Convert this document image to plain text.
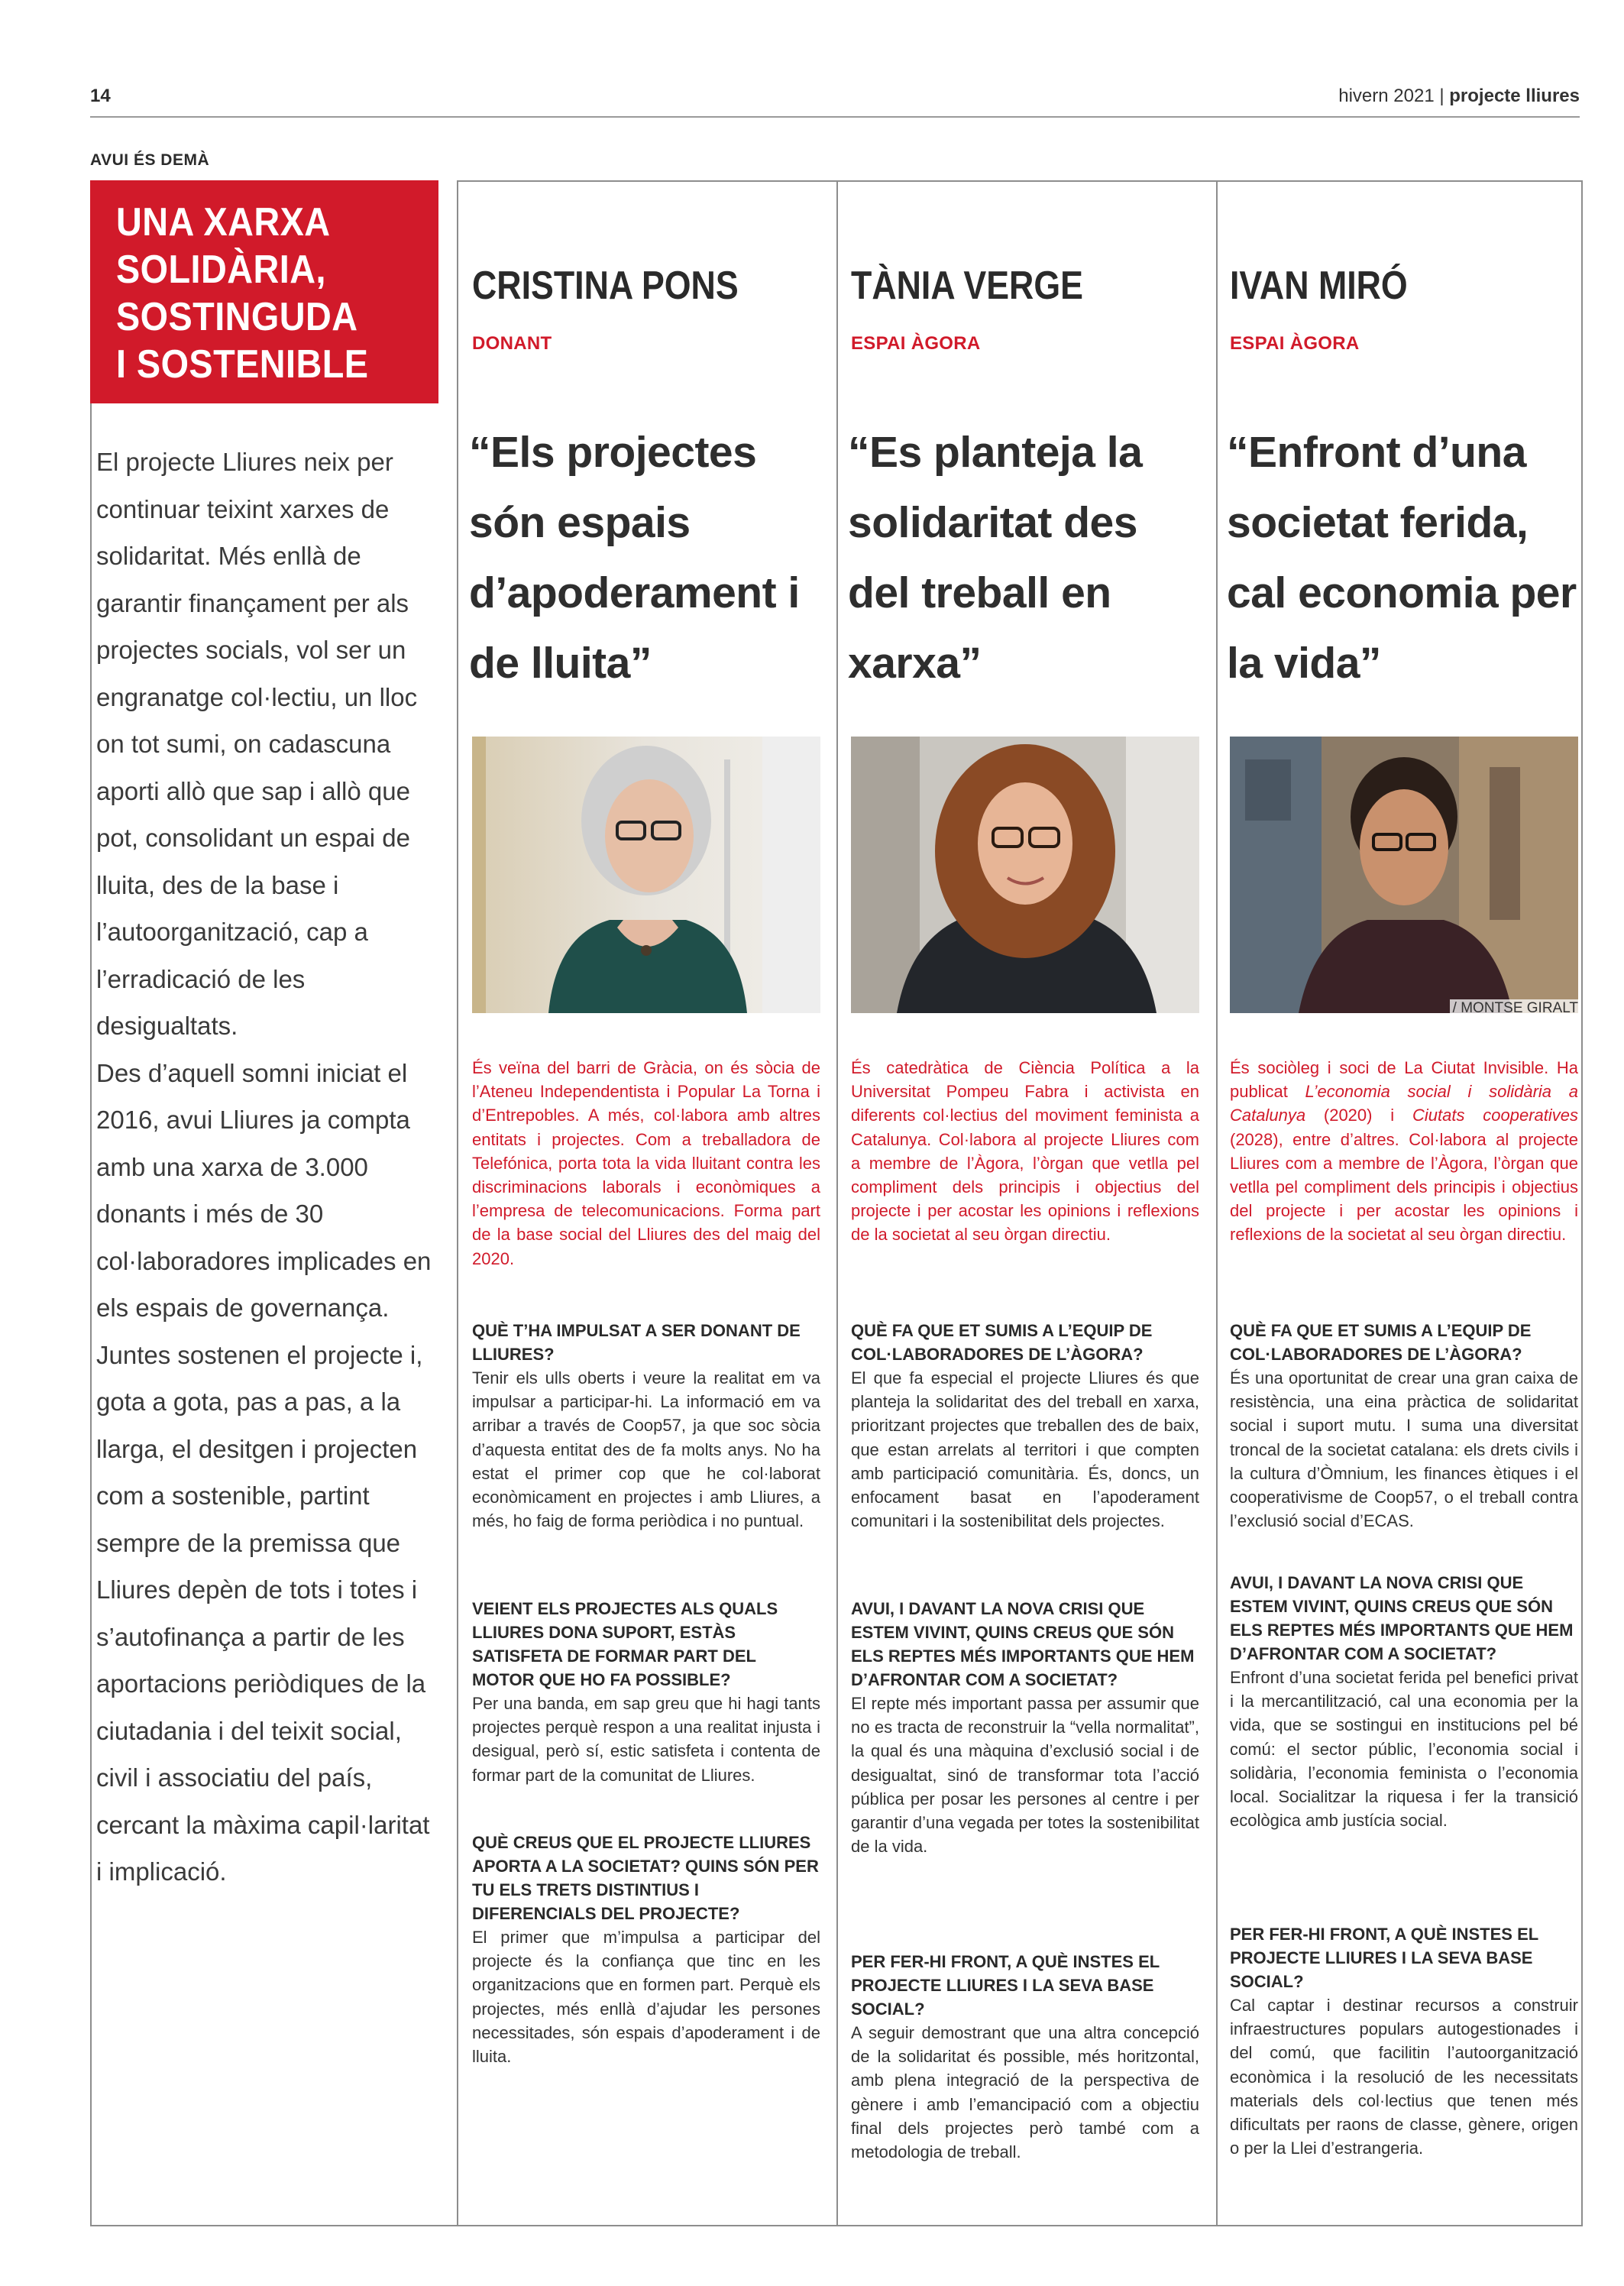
14	hivern 2021 | projecte lliures
AVUI ÉS DEMÀ
UNA XARXA
SOLIDÀRIA,
SOSTINGUDA
I SOSTENIBLE

El projecte Lliures neix per continuar teixint xarxes de solidaritat. Més enllà de garantir finançament per als projectes socials, vol ser un engranatge col·lectiu, un lloc on tot sumi, on cadascuna aporti allò que sap i allò que pot, consolidant un espai de lluita, des de la base i l’autoorganització, cap a l’erradicació de les desigualtats.

Des d’aquell somni iniciat el 2016, avui Lliures ja compta amb una xarxa de 3.000 donants i més de 30 col·laboradores implicades en els espais de governança. Juntes sostenen el projecte i, gota a gota, pas a pas, a la llarga, el desitgen i projecten com a sostenible, partint sempre de la premissa que Lliures depèn de tots i totes i s’autofinança a partir de les aportacions periòdiques de la ciutadania i del teixit social, civil i associatiu del país, cercant la màxima capil·laritat i implicació.

CRISTINA PONS
DONANT
“Els projectes són espais d’apoderament i de lluita”
És veïna del barri de Gràcia, on és sòcia de l’Ateneu Independentista i Popular La Torna i d’Entrepobles. A més, col·labora amb altres entitats i projectes. Com a treballadora de Telefónica, porta tota la vida lluitant contra les discriminacions laborals i econòmiques a l’empresa de telecomunicacions. Forma part de la base social del Lliures des del maig del 2020.

QUÈ T’HA IMPULSAT A SER DONANT DE LLIURES?

Tenir els ulls oberts i veure la realitat em va impulsar a participar-hi. La informació em va arribar a través de Coop57, ja que soc sòcia d’aquesta entitat des de fa molts anys. No ha estat el primer cop que he col·laborat econòmicament en projectes i amb Lliures, a més, ho faig de forma periòdica i no puntual.

VEIENT ELS PROJECTES ALS QUALS LLIURES DONA SUPORT, ESTÀS SATISFETA DE FORMAR PART DEL MOTOR QUE HO FA POSSIBLE?

Per una banda, em sap greu que hi hagi tants projectes perquè respon a una realitat injusta i desigual, però sí, estic satisfeta i contenta de formar part de la comunitat de Lliures.

QUÈ CREUS QUE EL PROJECTE LLIURES APORTA A LA SOCIETAT? QUINS SÓN PER TU ELS TRETS DISTINTIUS I DIFERENCIALS DEL PROJECTE?

El primer que m’impulsa a participar del projecte és la confiança que tinc en les organitzacions que en formen part. Perquè els projectes, més enllà d’ajudar les persones necessitades, són espais d’apoderament i de lluita.

TÀNIA VERGE
ESPAI ÀGORA
“Es planteja la solidaritat des del treball en xarxa”
És catedràtica de Ciència Política a la Universitat Pompeu Fabra i activista en diferents col·lectius del moviment feminista a Catalunya. Col·labora al projecte Lliures com a membre de l’Àgora, l’òrgan que vetlla pel compliment dels principis i objectius del projecte i per acostar les opinions i reflexions de la societat al seu òrgan directiu.

QUÈ FA QUE ET SUMIS A L’EQUIP DE COL·LABORADORES DE L’ÀGORA?

El que fa especial el projecte Lliures és que planteja la solidaritat des del treball en xarxa, prioritzant projectes que treballen des de baix, que estan arrelats al territori i que compten amb participació comunitària. És, doncs, un enfocament basat en l’apoderament comunitari i la sostenibilitat dels projectes.

AVUI, I DAVANT LA NOVA CRISI QUE ESTEM VIVINT, QUINS CREUS QUE SÓN ELS REPTES MÉS IMPORTANTS QUE HEM D’AFRONTAR COM A SOCIETAT?

El repte més important passa per assumir que no es tracta de reconstruir la “vella normalitat”, la qual és una màquina d’exclusió social i de desigualtat, sinó de transformar tota l’acció pública per posar les persones al centre i per garantir d’una vegada per totes la sostenibilitat de la vida.

PER FER-HI FRONT, A QUÈ INSTES EL PROJECTE LLIURES I LA SEVA BASE SOCIAL?

A seguir demostrant que una altra concepció de la solidaritat és possible, més horitzontal, amb plena integració de la perspectiva de gènere i amb l’emancipació com a objectiu final dels projectes però també com a metodologia de treball.

IVAN MIRÓ
ESPAI ÀGORA
“Enfront d’una societat ferida, cal economia per la vida”
És sociòleg i soci de La Ciutat Invisible. Ha publicat L’economia social i solidària a Catalunya (2020) i Ciutats cooperatives (2028), entre d’altres. Col·labora al projecte Lliures com a membre de l’Àgora, l’òrgan que vetlla pel compliment dels principis i objectius del projecte i per acostar les opinions i reflexions de la societat al seu òrgan directiu.

QUÈ FA QUE ET SUMIS A L’EQUIP DE COL·LABORADORES DE L’ÀGORA?

És una oportunitat de crear una gran caixa de resistència, una eina pràctica de solidaritat social i suport mutu. I suma una diversitat troncal de la societat catalana: els drets civils i la cultura d’Òmnium, les finances ètiques i el cooperativisme de Coop57, o el treball contra l’exclusió social d’ECAS.

AVUI, I DAVANT LA NOVA CRISI QUE ESTEM VIVINT, QUINS CREUS QUE SÓN ELS REPTES MÉS IMPORTANTS QUE HEM D’AFRONTAR COM A SOCIETAT?

Enfront d’una societat ferida pel benefici privat i la mercantilització, cal una economia per la vida, que se sostingui en institucions pel bé comú: el sector públic, l’economia social i solidària, l’economia feminista o l’economia local. Socialitzar la riquesa i fer la transició ecològica amb justícia social.

PER FER-HI FRONT, A QUÈ INSTES EL PROJECTE LLIURES I LA SEVA BASE SOCIAL?

Cal captar i destinar recursos a construir infraestructures populars autogestionades i del comú, que facilitin l’autoorganització econòmica i la resolució de les necessitats materials dels col·lectius que tenen més dificultats per raons de classe, gènere, origen o per la Llei d’estrangeria.

/ MONTSE GIRALT
